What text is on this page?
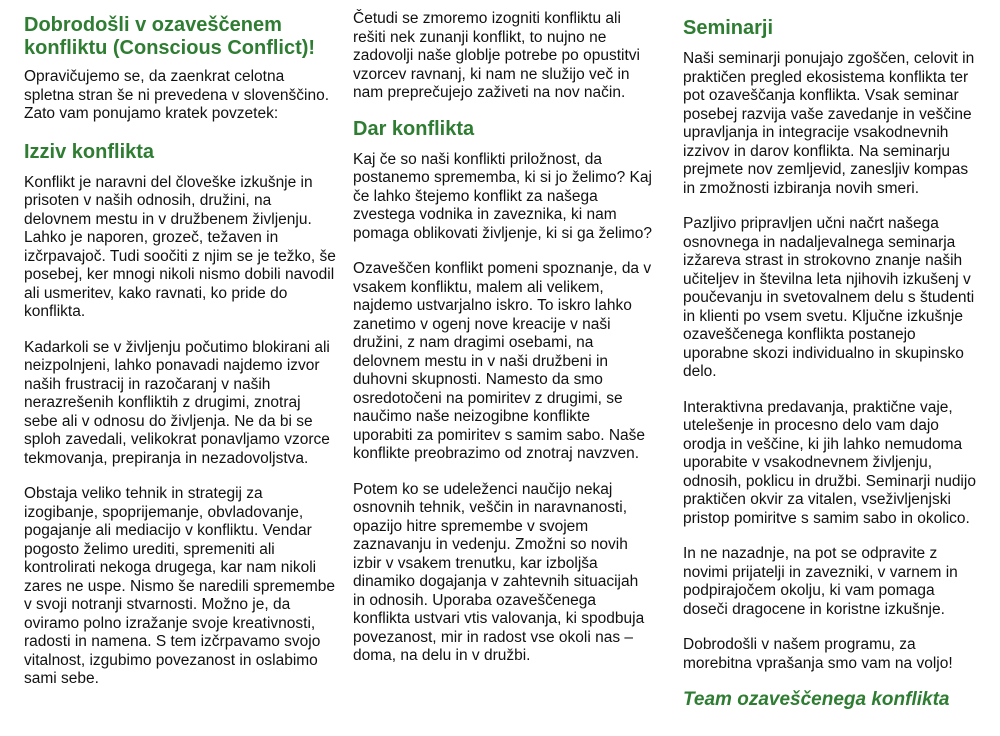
Dobrodošli v ozaveščenem konfliktu (Conscious Conflict)!

Opravičujemo se, da zaenkrat celotna spletna stran še ni prevedena v slovenščino. Zato vam ponujamo kratek povzetek:

Izziv konflikta

Konflikt je naravni del človeške izkušnje in prisoten v naših odnosih, družini, na delovnem mestu in v družbenem življenju. Lahko je naporen, grozeč, težaven in izčrpavajoč. Tudi soočiti z njim se je težko, še posebej, ker mnogi nikoli nismo dobili navodil ali usmeritev, kako ravnati, ko pride do konflikta.

Kadarkoli se v življenju počutimo blokirani ali neizpolnjeni, lahko ponavadi najdemo izvor naših frustracij in razočaranj v naših nerazrešenih konfliktih z drugimi, znotraj sebe ali v odnosu do življenja. Ne da bi se sploh zavedali, velikokrat ponavljamo vzorce tekmovanja, prepiranja in nezadovoljstva.

Obstaja veliko tehnik in strategij za izogibanje, spoprijemanje, obvladovanje, pogajanje ali mediacijo v konfliktu. Vendar pogosto želimo urediti, spremeniti ali kontrolirati nekoga drugega, kar nam nikoli zares ne uspe. Nismo še naredili spremembe v svoji notranji stvarnosti. Možno je, da oviramo polno izražanje svoje kreativnosti, radosti in namena. S tem izčrpavamo svojo vitalnost, izgubimo povezanost in oslabimo sami sebe.

Četudi se zmoremo izogniti konfliktu ali rešiti nek zunanji konflikt, to nujno ne zadovolji naše globlje potrebe po opustitvi vzorcev ravnanj, ki nam ne služijo več in nam preprečujejo zaživeti na nov način.

Dar konflikta

Kaj če so naši konflikti priložnost, da postanemo sprememba, ki si jo želimo? Kaj če lahko štejemo konflikt za našega zvestega vodnika in zaveznika, ki nam pomaga oblikovati življenje, ki si ga želimo?

Ozaveščen konflikt pomeni spoznanje, da v vsakem konfliktu, malem ali velikem, najdemo ustvarjalno iskro. To iskro lahko zanetimo v ogenj nove kreacije v naši družini, z nam dragimi osebami, na delovnem mestu in v naši družbeni in duhovni skupnosti. Namesto da smo osredotočeni na pomiritev z drugimi, se naučimo naše neizogibne konflikte uporabiti za pomiritev s samim sabo. Naše konflikte preobrazimo od znotraj navzven.

Potem ko se udeleženci naučijo nekaj osnovnih tehnik, veščin in naravnanosti, opazijo hitre spremembe v svojem zaznavanju in vedenju. Zmožni so novih izbir v vsakem trenutku, kar izboljša dinamiko dogajanja v zahtevnih situacijah in odnosih. Uporaba ozaveščenega konflikta ustvari vtis valovanja, ki spodbuja povezanost, mir in radost vse okoli nas – doma, na delu in v družbi.

Seminarji

Naši seminarji ponujajo zgoščen, celovit in praktičen pregled ekosistema konflikta ter pot ozaveščanja konflikta. Vsak seminar posebej razvija vaše zavedanje in veščine upravljanja in integracije vsakodnevnih izzivov in darov konflikta. Na seminarju prejmete nov zemljevid, zanesljiv kompas in zmožnosti izbiranja novih smeri.

Pazljivo pripravljen učni načrt našega osnovnega in nadaljevalnega seminarja izžareva strast in strokovno znanje naših učiteljev in številna leta njihovih izkušenj v poučevanju in svetovalnem delu s študenti in klienti po vsem svetu. Ključne izkušnje ozaveščenega konflikta postanejo uporabne skozi individualno in skupinsko delo.

Interaktivna predavanja, praktične vaje, utelešenje in procesno delo vam dajo orodja in veščine, ki jih lahko nemudoma uporabite v vsakodnevnem življenju, odnosih, poklicu in družbi. Seminarji nudijo praktičen okvir za vitalen, vseživljenjski pristop pomiritve s samim sabo in okolico.

In ne nazadnje, na pot se odpravite z novimi prijatelji in zavezniki, v varnem in podpirajočem okolju, ki vam pomaga doseči dragocene in koristne izkušnje.

Dobrodošli v našem programu, za morebitna vprašanja smo vam na voljo!

Team ozaveščenega konflikta
